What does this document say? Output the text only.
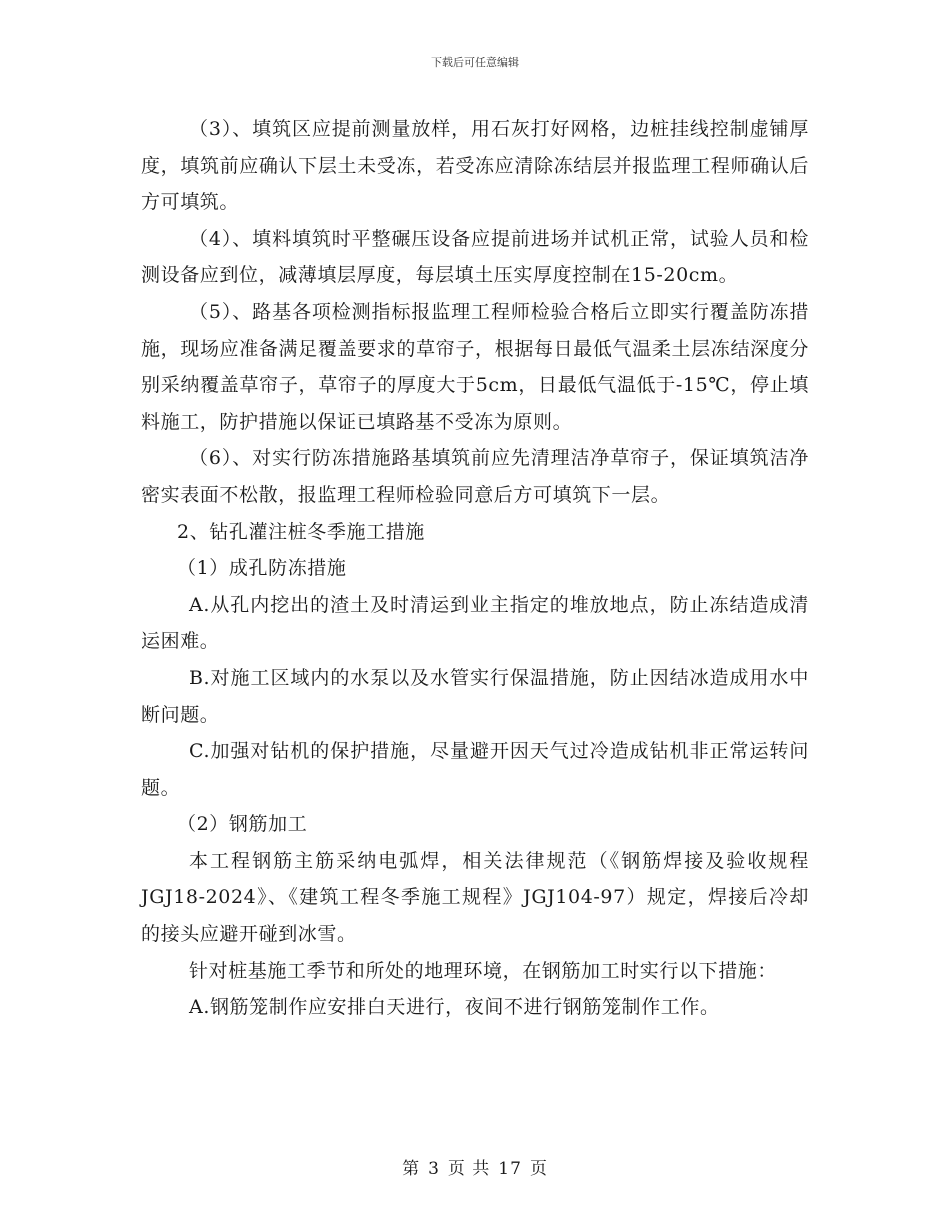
下载后可任意编辑

（3）、填筑区应提前测量放样，用石灰打好网格，边桩挂线控制虚铺厚度，填筑前应确认下层土未受冻，若受冻应清除冻结层并报监理工程师确认后方可填筑。

（4）、填料填筑时平整碾压设备应提前进场并试机正常，试验人员和检测设备应到位，减薄填层厚度，每层填土压实厚度控制在15-20cm。

（5）、路基各项检测指标报监理工程师检验合格后立即实行覆盖防冻措施，现场应准备满足覆盖要求的草帘子，根据每日最低气温柔土层冻结深度分别采纳覆盖草帘子，草帘子的厚度大于5cm，日最低气温低于-15℃，停止填料施工，防护措施以保证已填路基不受冻为原则。

（6）、对实行防冻措施路基填筑前应先清理洁净草帘子，保证填筑洁净密实表面不松散，报监理工程师检验同意后方可填筑下一层。

2、钻孔灌注桩冬季施工措施

（1）成孔防冻措施

A.从孔内挖出的渣土及时清运到业主指定的堆放地点，防止冻结造成清运困难。

B.对施工区域内的水泵以及水管实行保温措施，防止因结冰造成用水中断问题。

C.加强对钻机的保护措施，尽量避开因天气过冷造成钻机非正常运转问题。

（2）钢筋加工

本工程钢筋主筋采纳电弧焊，相关法律规范（《钢筋焊接及验收规程JGJ18-2024》、《建筑工程冬季施工规程》JGJ104-97）规定，焊接后冷却的接头应避开碰到冰雪。

针对桩基施工季节和所处的地理环境，在钢筋加工时实行以下措施：

A.钢筋笼制作应安排白天进行，夜间不进行钢筋笼制作工作。

第 3 页 共 17 页
